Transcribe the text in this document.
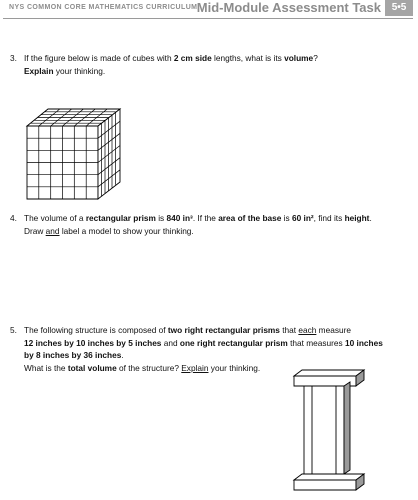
NYS COMMON CORE MATHEMATICS CURRICULUM Mid-Module Assessment Task	5•5
3. If the figure below is made of cubes with 2 cm side lengths, what is its volume?

Explain your thinking.

4. The volume of a rectangular prism is 840 in³. If the area of the base is 60 in², find its height.

Draw and label a model to show your thinking.

5. The following structure is composed of two right rectangular prisms that each measure

12 inches by 10 inches by 5 inches and one right rectangular prism that measures 10 inches

by 8 inches by 36 inches.

What is the total volume of the structure? Explain your thinking.
